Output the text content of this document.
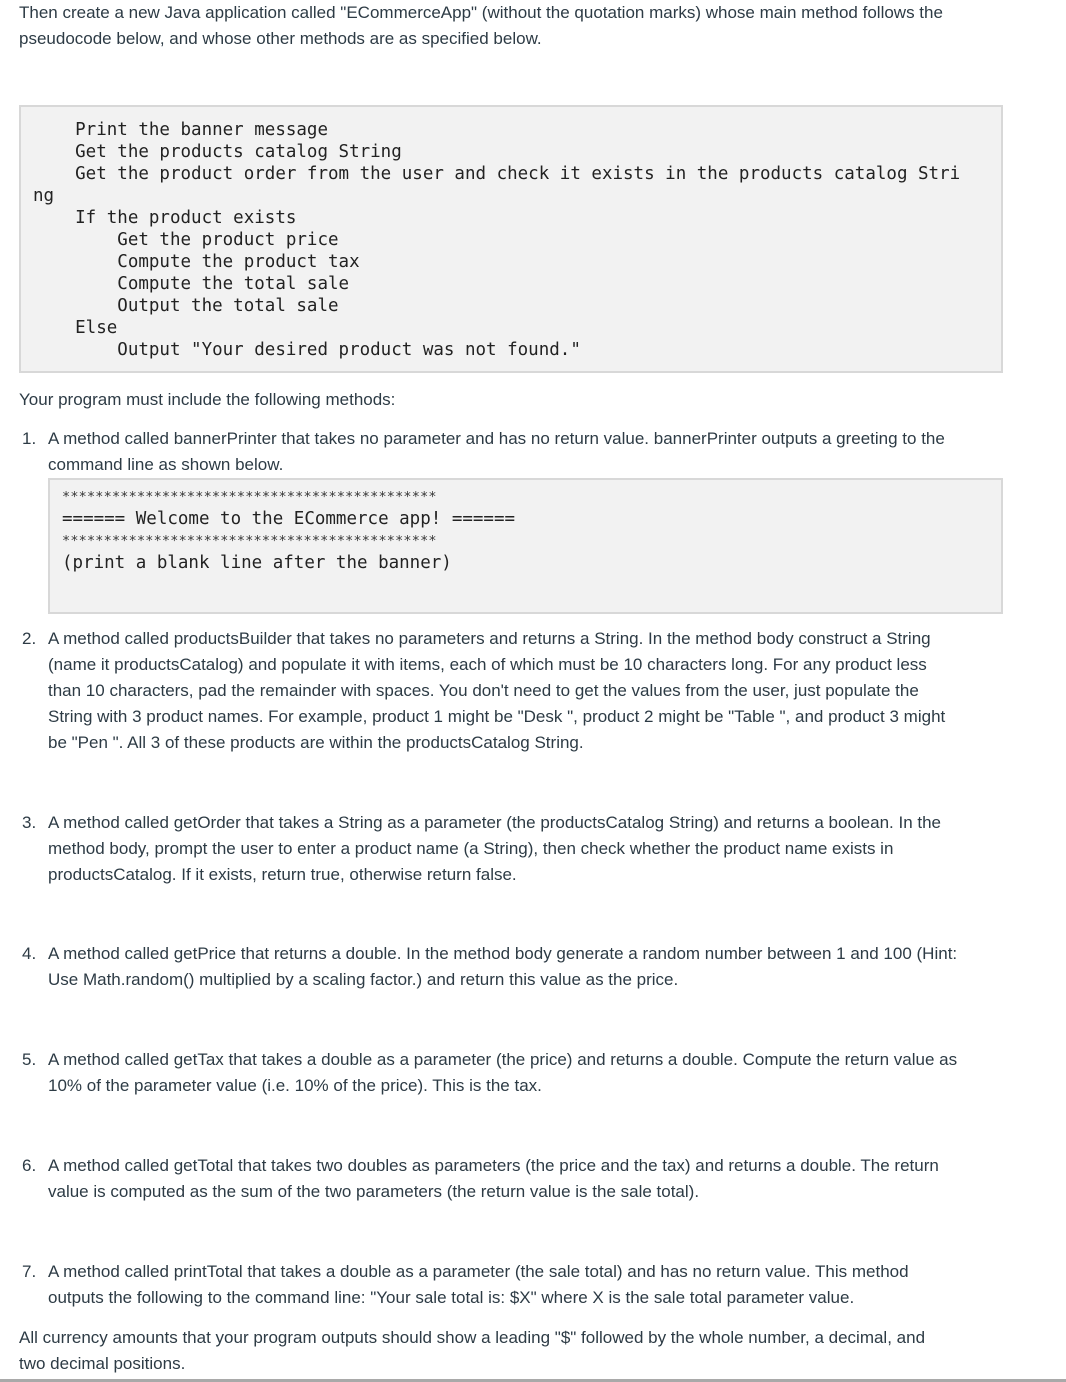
Then create a new Java application called "ECommerceApp" (without the quotation marks) whose main method follows the
pseudocode below, and whose other methods are as specified below.
Print the banner message
Get the products catalog String
Get the product order from the user and check it exists in the products catalog Stri
ng
If the product exists
Get the product price
Compute the product tax
Compute the total sale
Output the total sale
Else
Output "Your desired product was not found."
Your program must include the following methods:
1. A method called bannerPrinter that takes no parameter and has no return value. bannerPrinter outputs a greeting to the
command line as shown below.
*********************************************
====== Welcome to the ECommerce app! ======
*********************************************
(print a blank line after the banner)
2. A method called productsBuilder that takes no parameters and returns a String. In the method body construct a String
(name it productsCatalog) and populate it with items, each of which must be 10 characters long. For any product less
than 10 characters, pad the remainder with spaces. You don't need to get the values from the user, just populate the
String with 3 product names. For example, product 1 might be "Desk ", product 2 might be "Table ", and product 3 might
be "Pen ". All 3 of these products are within the productsCatalog String.
3. A method called getOrder that takes a String as a parameter (the productsCatalog String) and returns a boolean. In the
method body, prompt the user to enter a product name (a String), then check whether the product name exists in
productsCatalog. If it exists, return true, otherwise return false.
4. A method called getPrice that returns a double. In the method body generate a random number between 1 and 100 (Hint:
Use Math.random() multiplied by a scaling factor.) and return this value as the price.
5. A method called getTax that takes a double as a parameter (the price) and returns a double. Compute the return value as
10% of the parameter value (i.e. 10% of the price). This is the tax.
6. A method called getTotal that takes two doubles as parameters (the price and the tax) and returns a double. The return
value is computed as the sum of the two parameters (the return value is the sale total).
7. A method called printTotal that takes a double as a parameter (the sale total) and has no return value. This method
outputs the following to the command line: "Your sale total is: $X" where X is the sale total parameter value.
All currency amounts that your program outputs should show a leading "$" followed by the whole number, a decimal, and
two decimal positions.
